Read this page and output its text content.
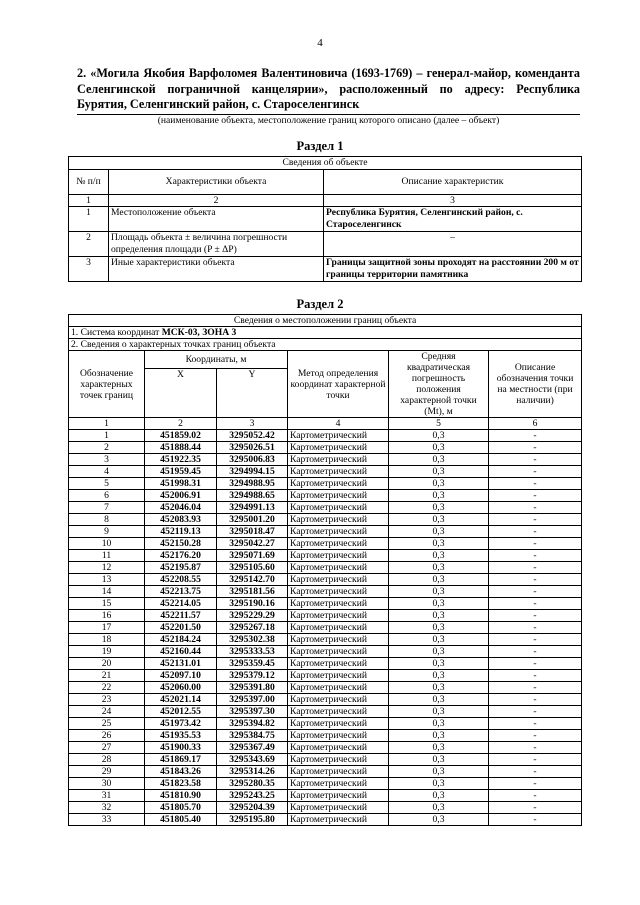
4
2. «Могила Якобия Варфоломея Валентиновича (1693-1769) – генерал-майор, коменданта Селенгинской пограничной канцелярии», расположенный по адресу: Республика Бурятия, Селенгинский район, с. Староселенгинск
(наименование объекта, местоположение границ которого описано (далее – объект)
Раздел 1
Сведения об объекте		
№ п/п	Характеристики объекта	Описание характеристик
1	2	3
1	Местоположение объекта	Республика Бурятия, Селенгинский район, с. Староселенгинск
2	Площадь объекта ± величина погрешности определения площади (P ± ΔP)	–
3	Иные характеристики объекта	Границы защитной зоны проходят на расстоянии 200 м от границы территории памятника
Раздел 2
Сведения о местоположении границ объекта					
1. Система координат МСК-03, ЗОНА 3					
2. Сведения о характерных точках границ объекта					
Обозначение характерных точек границ	Координаты, м		Метод определения координат характерной точки	Средняя квадратическая погрешность положения характерной точки (Mt), м	Описание обозначения точки на местности (при наличии)
	X	Y			
1	2	3	4	5	6
1	451859.02	3295052.42	Картометрический	0,3	-
2	451888.44	3295026.51	Картометрический	0,3	-
3	451922.35	3295006.83	Картометрический	0,3	-
4	451959.45	3294994.15	Картометрический	0,3	-
5	451998.31	3294988.95	Картометрический	0,3	-
6	452006.91	3294988.65	Картометрический	0,3	-
7	452046.04	3294991.13	Картометрический	0,3	-
8	452083.93	3295001.20	Картометрический	0,3	-
9	452119.13	3295018.47	Картометрический	0,3	-
10	452150.28	3295042.27	Картометрический	0,3	-
11	452176.20	3295071.69	Картометрический	0,3	-
12	452195.87	3295105.60	Картометрический	0,3	-
13	452208.55	3295142.70	Картометрический	0,3	-
14	452213.75	3295181.56	Картометрический	0,3	-
15	452214.05	3295190.16	Картометрический	0,3	-
16	452211.57	3295229.29	Картометрический	0,3	-
17	452201.50	3295267.18	Картометрический	0,3	-
18	452184.24	3295302.38	Картометрический	0,3	-
19	452160.44	3295333.53	Картометрический	0,3	-
20	452131.01	3295359.45	Картометрический	0,3	-
21	452097.10	3295379.12	Картометрический	0,3	-
22	452060.00	3295391.80	Картометрический	0,3	-
23	452021.14	3295397.00	Картометрический	0,3	-
24	452012.55	3295397.30	Картометрический	0,3	-
25	451973.42	3295394.82	Картометрический	0,3	-
26	451935.53	3295384.75	Картометрический	0,3	-
27	451900.33	3295367.49	Картометрический	0,3	-
28	451869.17	3295343.69	Картометрический	0,3	-
29	451843.26	3295314.26	Картометрический	0,3	-
30	451823.58	3295280.35	Картометрический	0,3	-
31	451810.90	3295243.25	Картометрический	0,3	-
32	451805.70	3295204.39	Картометрический	0,3	-
33	451805.40	3295195.80	Картометрический	0,3	-
